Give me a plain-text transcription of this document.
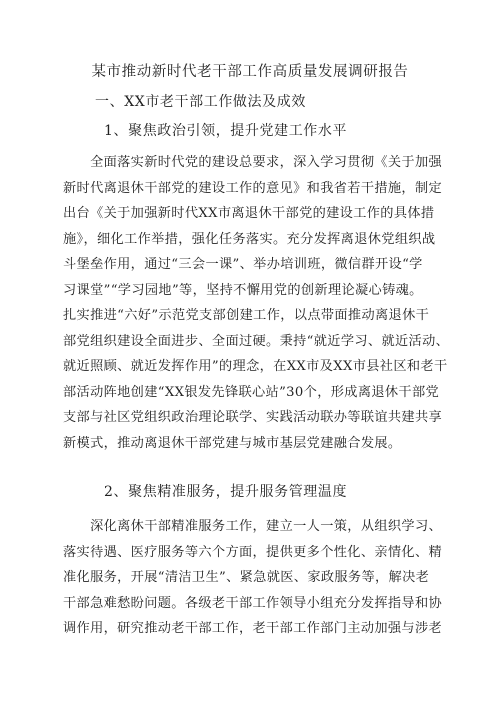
某市推动新时代老干部工作高质量发展调研报告
一、XX市老干部工作做法及成效
1、聚焦政治引领，提升党建工作水平
　　全面落实新时代党的建设总要求，深入学习贯彻《关于加强
新时代离退休干部党的建设工作的意见》和我省若干措施，制定
出台《关于加强新时代XX市离退休干部党的建设工作的具体措
施》，细化工作举措，强化任务落实。充分发挥离退休党组织战
斗堡垒作用，通过“三会一课”、举办培训班，微信群开设“学
习课堂”“学习园地”等，坚持不懈用党的创新理论凝心铸魂。
扎实推进“六好”示范党支部创建工作，以点带面推动离退休干
部党组织建设全面进步、全面过硬。秉持“就近学习、就近活动、
就近照顾、就近发挥作用”的理念，在XX市及XX市县社区和老干
部活动阵地创建“XX银发先锋联心站”30个，形成离退休干部党
支部与社区党组织政治理论联学、实践活动联办等联谊共建共享
新模式，推动离退休干部党建与城市基层党建融合发展。
2、聚焦精准服务，提升服务管理温度
　　深化离休干部精准服务工作，建立一人一策，从组织学习、
落实待遇、医疗服务等六个方面，提供更多个性化、亲情化、精
准化服务，开展“清洁卫生”、紧急就医、家政服务等，解决老
干部急难愁盼问题。各级老干部工作领导小组充分发挥指导和协
调作用，研究推动老干部工作，老干部工作部门主动加强与涉老
